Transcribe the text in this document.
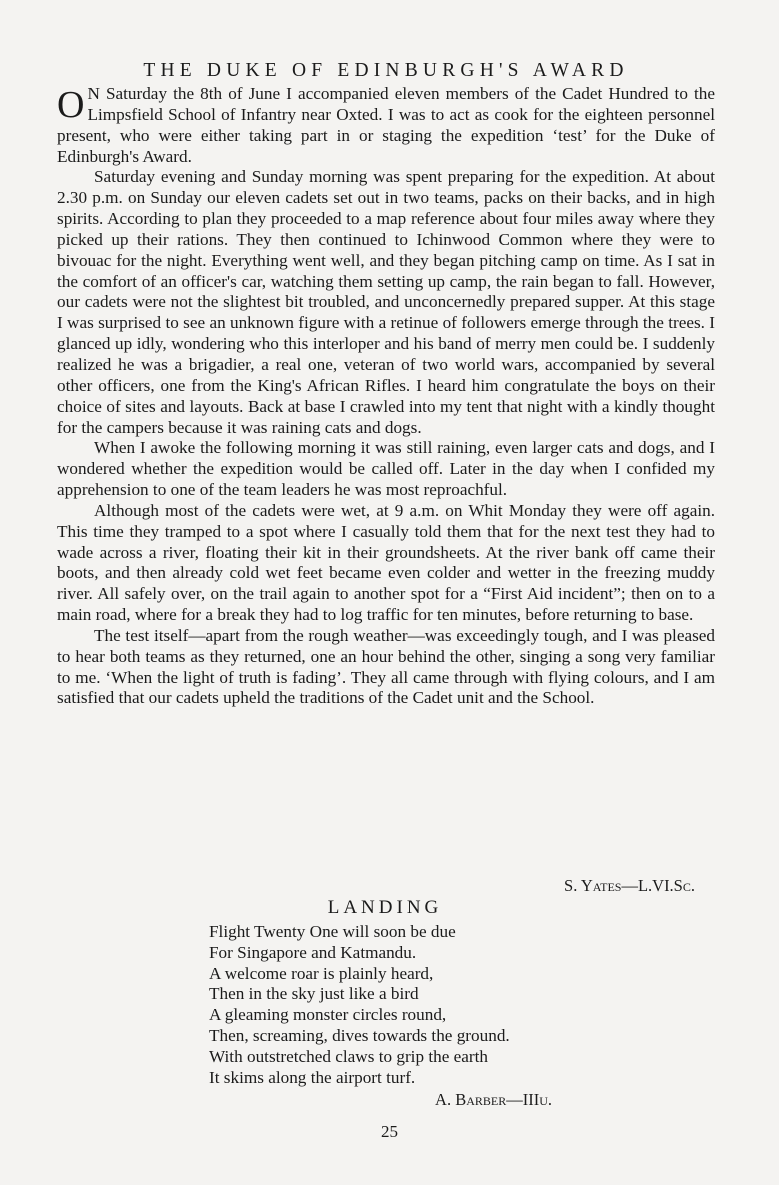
THE DUKE OF EDINBURGH'S AWARD

O N Saturday the 8th of June I accompanied eleven members of the Cadet Hundred to the Limpsfield School of Infantry near Oxted. I was to act as cook for the eighteen personnel present, who were either taking part in or staging the expedition ‘test’ for the Duke of Edinburgh's Award.

Saturday evening and Sunday morning was spent preparing for the expedition. At about 2.30 p.m. on Sunday our eleven cadets set out in two teams, packs on their backs, and in high spirits. According to plan they proceeded to a map reference about four miles away where they picked up their rations. They then continued to Ichinwood Common where they were to bivouac for the night. Everything went well, and they began pitching camp on time. As I sat in the comfort of an officer's car, watching them setting up camp, the rain began to fall. However, our cadets were not the slightest bit troubled, and unconcernedly prepared supper. At this stage I was surprised to see an unknown figure with a retinue of followers emerge through the trees. I glanced up idly, wondering who this interloper and his band of merry men could be. I suddenly realized he was a brigadier, a real one, veteran of two world wars, accompanied by several other officers, one from the King's African Rifles. I heard him congratulate the boys on their choice of sites and layouts. Back at base I crawled into my tent that night with a kindly thought for the campers because it was raining cats and dogs.

When I awoke the following morning it was still raining, even larger cats and dogs, and I wondered whether the expedition would be called off. Later in the day when I confided my apprehension to one of the team leaders he was most reproachful.

Although most of the cadets were wet, at 9 a.m. on Whit Monday they were off again. This time they tramped to a spot where I casually told them that for the next test they had to wade across a river, floating their kit in their groundsheets. At the river bank off came their boots, and then already cold wet feet became even colder and wetter in the freezing muddy river. All safely over, on the trail again to another spot for a “First Aid incident”; then on to a main road, where for a break they had to log traffic for ten minutes, before returning to base.

The test itself—apart from the rough weather—was exceedingly tough, and I was pleased to hear both teams as they returned, one an hour behind the other, singing a song very familiar to me. ‘When the light of truth is fading’. They all came through with flying colours, and I am satisfied that our cadets upheld the traditions of the Cadet unit and the School.

S. Yates—L.VI.Sc.
LANDING
Flight Twenty One will soon be due
For Singapore and Katmandu.
A welcome roar is plainly heard,
Then in the sky just like a bird
A gleaming monster circles round,
Then, screaming, dives towards the ground.
With outstretched claws to grip the earth
It skims along the airport turf.
A. Barber—IIIu.
25
